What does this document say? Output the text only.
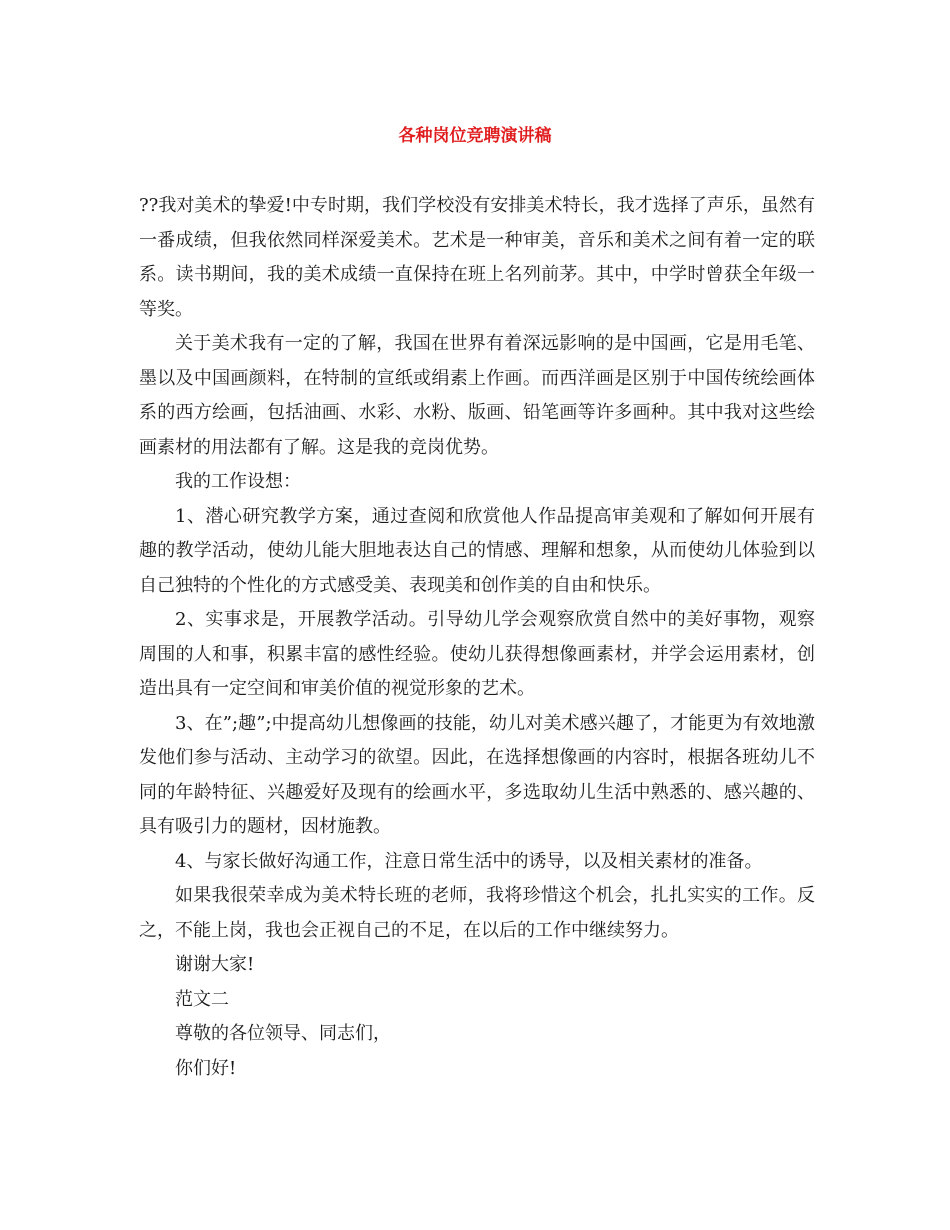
各种岗位竞聘演讲稿

??我对美术的挚爱!中专时期，我们学校没有安排美术特长，我才选择了声乐，虽然有一番成绩，但我依然同样深爱美术。艺术是一种审美，音乐和美术之间有着一定的联系。读书期间，我的美术成绩一直保持在班上名列前茅。其中，中学时曾获全年级一等奖。

关于美术我有一定的了解，我国在世界有着深远影响的是中国画，它是用毛笔、墨以及中国画颜料，在特制的宣纸或绢素上作画。而西洋画是区别于中国传统绘画体系的西方绘画，包括油画、水彩、水粉、版画、铅笔画等许多画种。其中我对这些绘画素材的用法都有了解。这是我的竞岗优势。

我的工作设想：

1、潜心研究教学方案，通过查阅和欣赏他人作品提高审美观和了解如何开展有趣的教学活动，使幼儿能大胆地表达自己的情感、理解和想象，从而使幼儿体验到以自己独特的个性化的方式感受美、表现美和创作美的自由和快乐。

2、实事求是，开展教学活动。引导幼儿学会观察欣赏自然中的美好事物，观察周围的人和事，积累丰富的感性经验。使幼儿获得想像画素材，并学会运用素材，创造出具有一定空间和审美价值的视觉形象的艺术。

3、在”;趣”;中提高幼儿想像画的技能，幼儿对美术感兴趣了，才能更为有效地激发他们参与活动、主动学习的欲望。因此，在选择想像画的内容时，根据各班幼儿不同的年龄特征、兴趣爱好及现有的绘画水平，多选取幼儿生活中熟悉的、感兴趣的、具有吸引力的题材，因材施教。

4、与家长做好沟通工作，注意日常生活中的诱导，以及相关素材的准备。

如果我很荣幸成为美术特长班的老师，我将珍惜这个机会，扎扎实实的工作。反之，不能上岗，我也会正视自己的不足，在以后的工作中继续努力。

谢谢大家!

范文二

尊敬的各位领导、同志们，

你们好!
